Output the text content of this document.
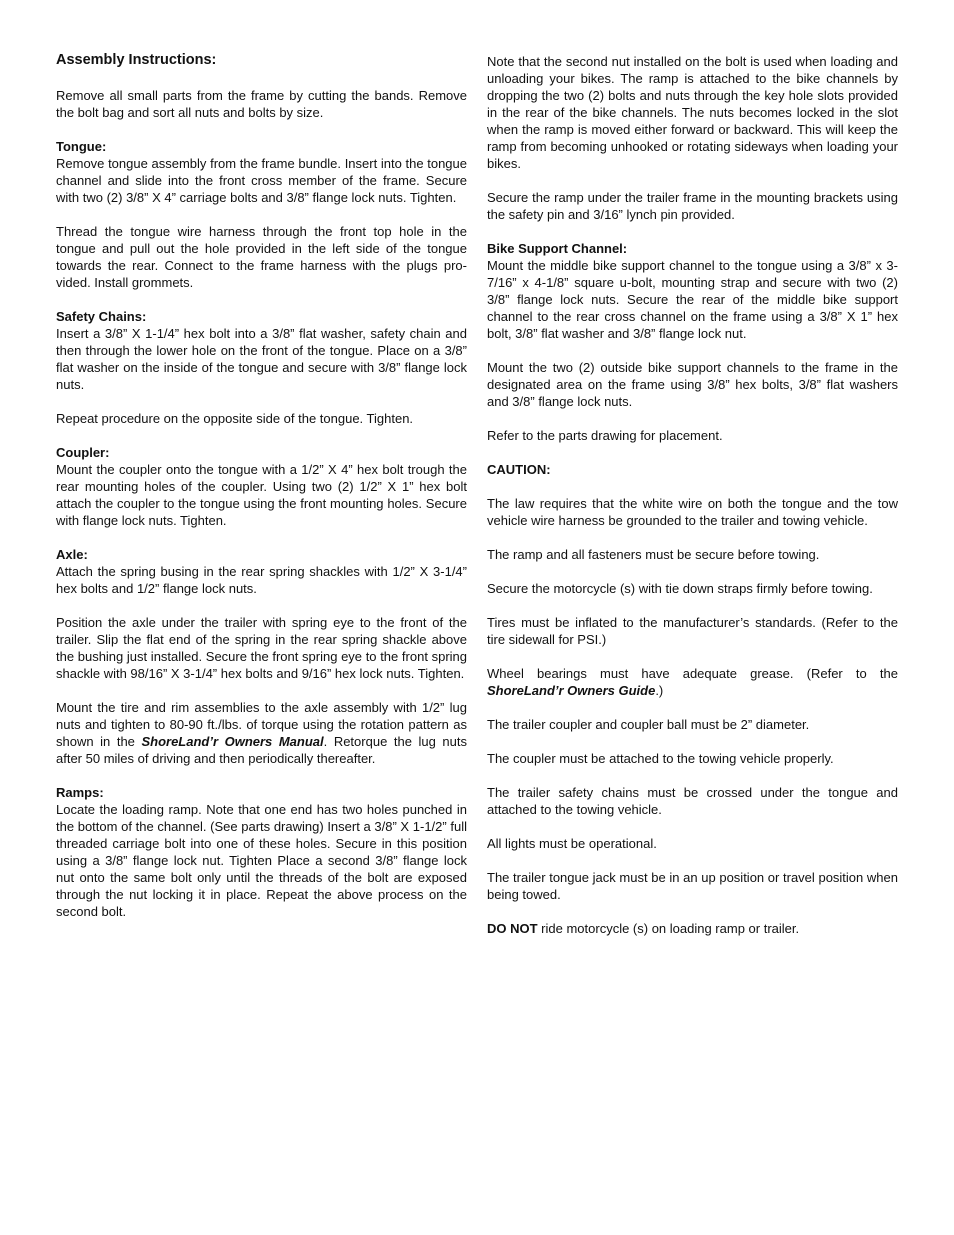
Assembly Instructions:

Remove all small parts from the frame by cutting the bands. Remove the bolt bag and sort all nuts and bolts by size.

Tongue:

Remove tongue assembly from the frame bundle. Insert into the tongue channel and slide into the front cross member of the frame. Secure with two (2) 3/8” X 4” carriage bolts and 3/8” flange lock nuts. Tighten.

Thread the tongue wire harness through the front top hole in the tongue and pull out the hole provided in the left side of the tongue towards the rear. Connect to the frame harness with the plugs provided. Install grommets.

Safety Chains:

Insert a 3/8” X 1-1/4” hex bolt into a 3/8” flat washer, safety chain and then through the lower hole on the front of the tongue. Place on a 3/8” flat washer on the inside of the tongue and secure with 3/8” flange lock nuts.

Repeat procedure on the opposite side of the tongue. Tighten.

Coupler:

Mount the coupler onto the tongue with a 1/2” X 4” hex bolt trough the rear mounting holes of the coupler. Using two (2) 1/2” X 1” hex bolt attach the coupler to the tongue using the front mounting holes. Secure with flange lock nuts. Tighten.

Axle:

Attach the spring busing in the rear spring shackles with 1/2” X 3-1/4” hex bolts and 1/2” flange lock nuts.

Position the axle under the trailer with spring eye to the front of the trailer. Slip the flat end of the spring in the rear spring shackle above the bushing just installed. Secure the front spring eye to the front spring shackle with 98/16” X 3-1/4” hex bolts and 9/16” hex lock nuts. Tighten.

Mount the tire and rim assemblies to the axle assembly with 1/2” lug nuts and tighten to 80-90 ft./lbs. of torque using the rotation pattern as shown in the ShoreLand’r Owners Manual. Retorque the lug nuts after 50 miles of driving and then periodically thereafter.

Ramps:

Locate the loading ramp. Note that one end has two holes punched in the bottom of the channel. (See parts drawing) Insert a 3/8” X 1-1/2” full threaded carriage bolt into one of these holes. Secure in this position using a 3/8” flange lock nut. Tighten Place a second 3/8” flange lock nut onto the same bolt only until the threads of the bolt are exposed through the nut locking it in place. Repeat the above process on the second bolt.

Note that the second nut installed on the bolt is used when loading and unloading your bikes. The ramp is attached to the bike channels by dropping the two (2) bolts and nuts through the key hole slots provided in the rear of the bike channels. The nuts becomes locked in the slot when the ramp is moved either forward or backward. This will keep the ramp from becoming unhooked or rotating sideways when loading your bikes.

Secure the ramp under the trailer frame in the mounting brackets using the safety pin and 3/16” lynch pin provided.

Bike Support Channel:

Mount the middle bike support channel to the tongue using a 3/8” x 3-7/16” x 4-1/8” square u-bolt, mounting strap and secure with two (2) 3/8” flange lock nuts. Secure the rear of the middle bike support channel to the rear cross channel on the frame using a 3/8” X 1” hex bolt, 3/8” flat washer and 3/8” flange lock nut.

Mount the two (2) outside bike support channels to the frame in the designated area on the frame using 3/8” hex bolts, 3/8” flat washers and 3/8” flange lock nuts.

Refer to the parts drawing for placement.

CAUTION:

The law requires that the white wire on both the tongue and the tow vehicle wire harness be grounded to the trailer and towing vehicle.

The ramp and all fasteners must be secure before towing.

Secure the motorcycle (s) with tie down straps firmly before towing.

Tires must be inflated to the manufacturer’s standards. (Refer to the tire sidewall for PSI.)

Wheel bearings must have adequate grease. (Refer to the ShoreLand’r Owners Guide.)

The trailer coupler and coupler ball must be 2” diameter.

The coupler must be attached to the towing vehicle properly.

The trailer safety chains must be crossed under the tongue and attached to the towing vehicle.

All lights must be operational.

The trailer tongue jack must be in an up position or travel position when being towed.

DO NOT ride motorcycle (s) on loading ramp or trailer.
